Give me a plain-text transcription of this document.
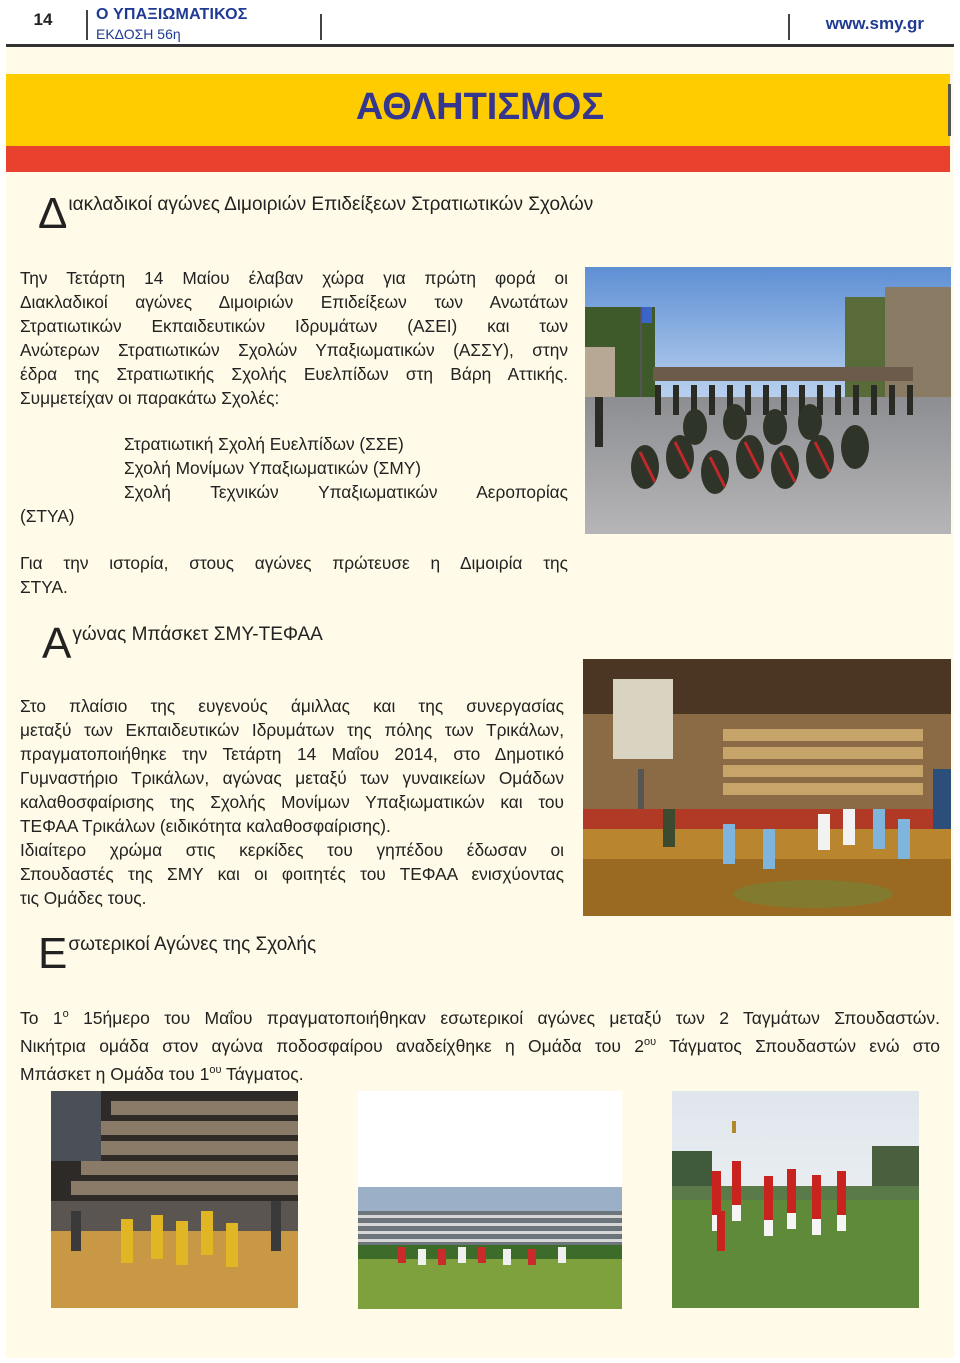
14	Ο ΥΠΑΞΙΩΜΑΤΙΚΟΣ
ΕΚΔΟΣΗ 56η
www.smy.gr
ΑΘΛΗΤΙΣΜΟΣ
Διακλαδικοί αγώνες Διμοιριών Επιδείξεων Στρατιωτικών Σχολών

Την Τετάρτη 14 Μαίου έλαβαν χώρα για πρώτη φορά οι

Διακλαδικοί αγώνες Διμοιριών Επιδείξεων των Ανωτάτων

Στρατιωτικών Εκπαιδευτικών Ιδρυμάτων (ΑΣΕΙ) και των

Ανώτερων Στρατιωτικών Σχολών Υπαξιωματικών (ΑΣΣΥ), στην

έδρα της Στρατιωτικής Σχολής Ευελπίδων στη Βάρη Αττικής.

Συμμετείχαν οι παρακάτω Σχολές:

Στρατιωτική Σχολή Ευελπίδων (ΣΣΕ)

Σχολή Μονίμων Υπαξιωματικών (ΣΜΥ)

Σχολή Τεχνικών Υπαξιωματικών Αεροπορίας

(ΣΤΥΑ)

Για την ιστορία, στους αγώνες πρώτευσε η Διμοιρία της

ΣΤΥΑ.

Αγώνας Μπάσκετ ΣΜΥ-ΤΕΦΑΑ

Στο πλαίσιο της ευγενούς άμιλλας και της συνεργασίας

μεταξύ των Εκπαιδευτικών Ιδρυμάτων της πόλης των Τρικάλων,

πραγματοποιήθηκε την Τετάρτη 14 Μαΐου 2014, στο Δημοτικό

Γυμναστήριο Τρικάλων, αγώνας μεταξύ των γυναικείων Ομάδων

καλαθοσφαίρισης της Σχολής Μονίμων Υπαξιωματικών και του

ΤΕΦΑΑ Τρικάλων (ειδικότητα καλαθοσφαίρισης).

Ιδιαίτερο χρώμα στις κερκίδες του γηπέδου έδωσαν οι

Σπουδαστές της ΣΜΥ και οι φοιτητές του ΤΕΦΑΑ ενισχύοντας

τις Ομάδες τους.

Εσωτερικοί Αγώνες της Σχολής

Το $1^o$ 15ήμερο του Μαΐου πραγματοποιήθηκαν εσωτερικοί αγώνες μεταξύ των 2 Ταγμάτων Σπουδαστών.

Νικήτρια ομάδα στον αγώνα ποδοσφαίρου αναδείχθηκε η Ομάδα του $2^{o\upsilon}$ Τάγματος Σπουδαστών ενώ στο

Μπάσκετ η Ομάδα του $1^{o\upsilon}$ Τάγματος.
